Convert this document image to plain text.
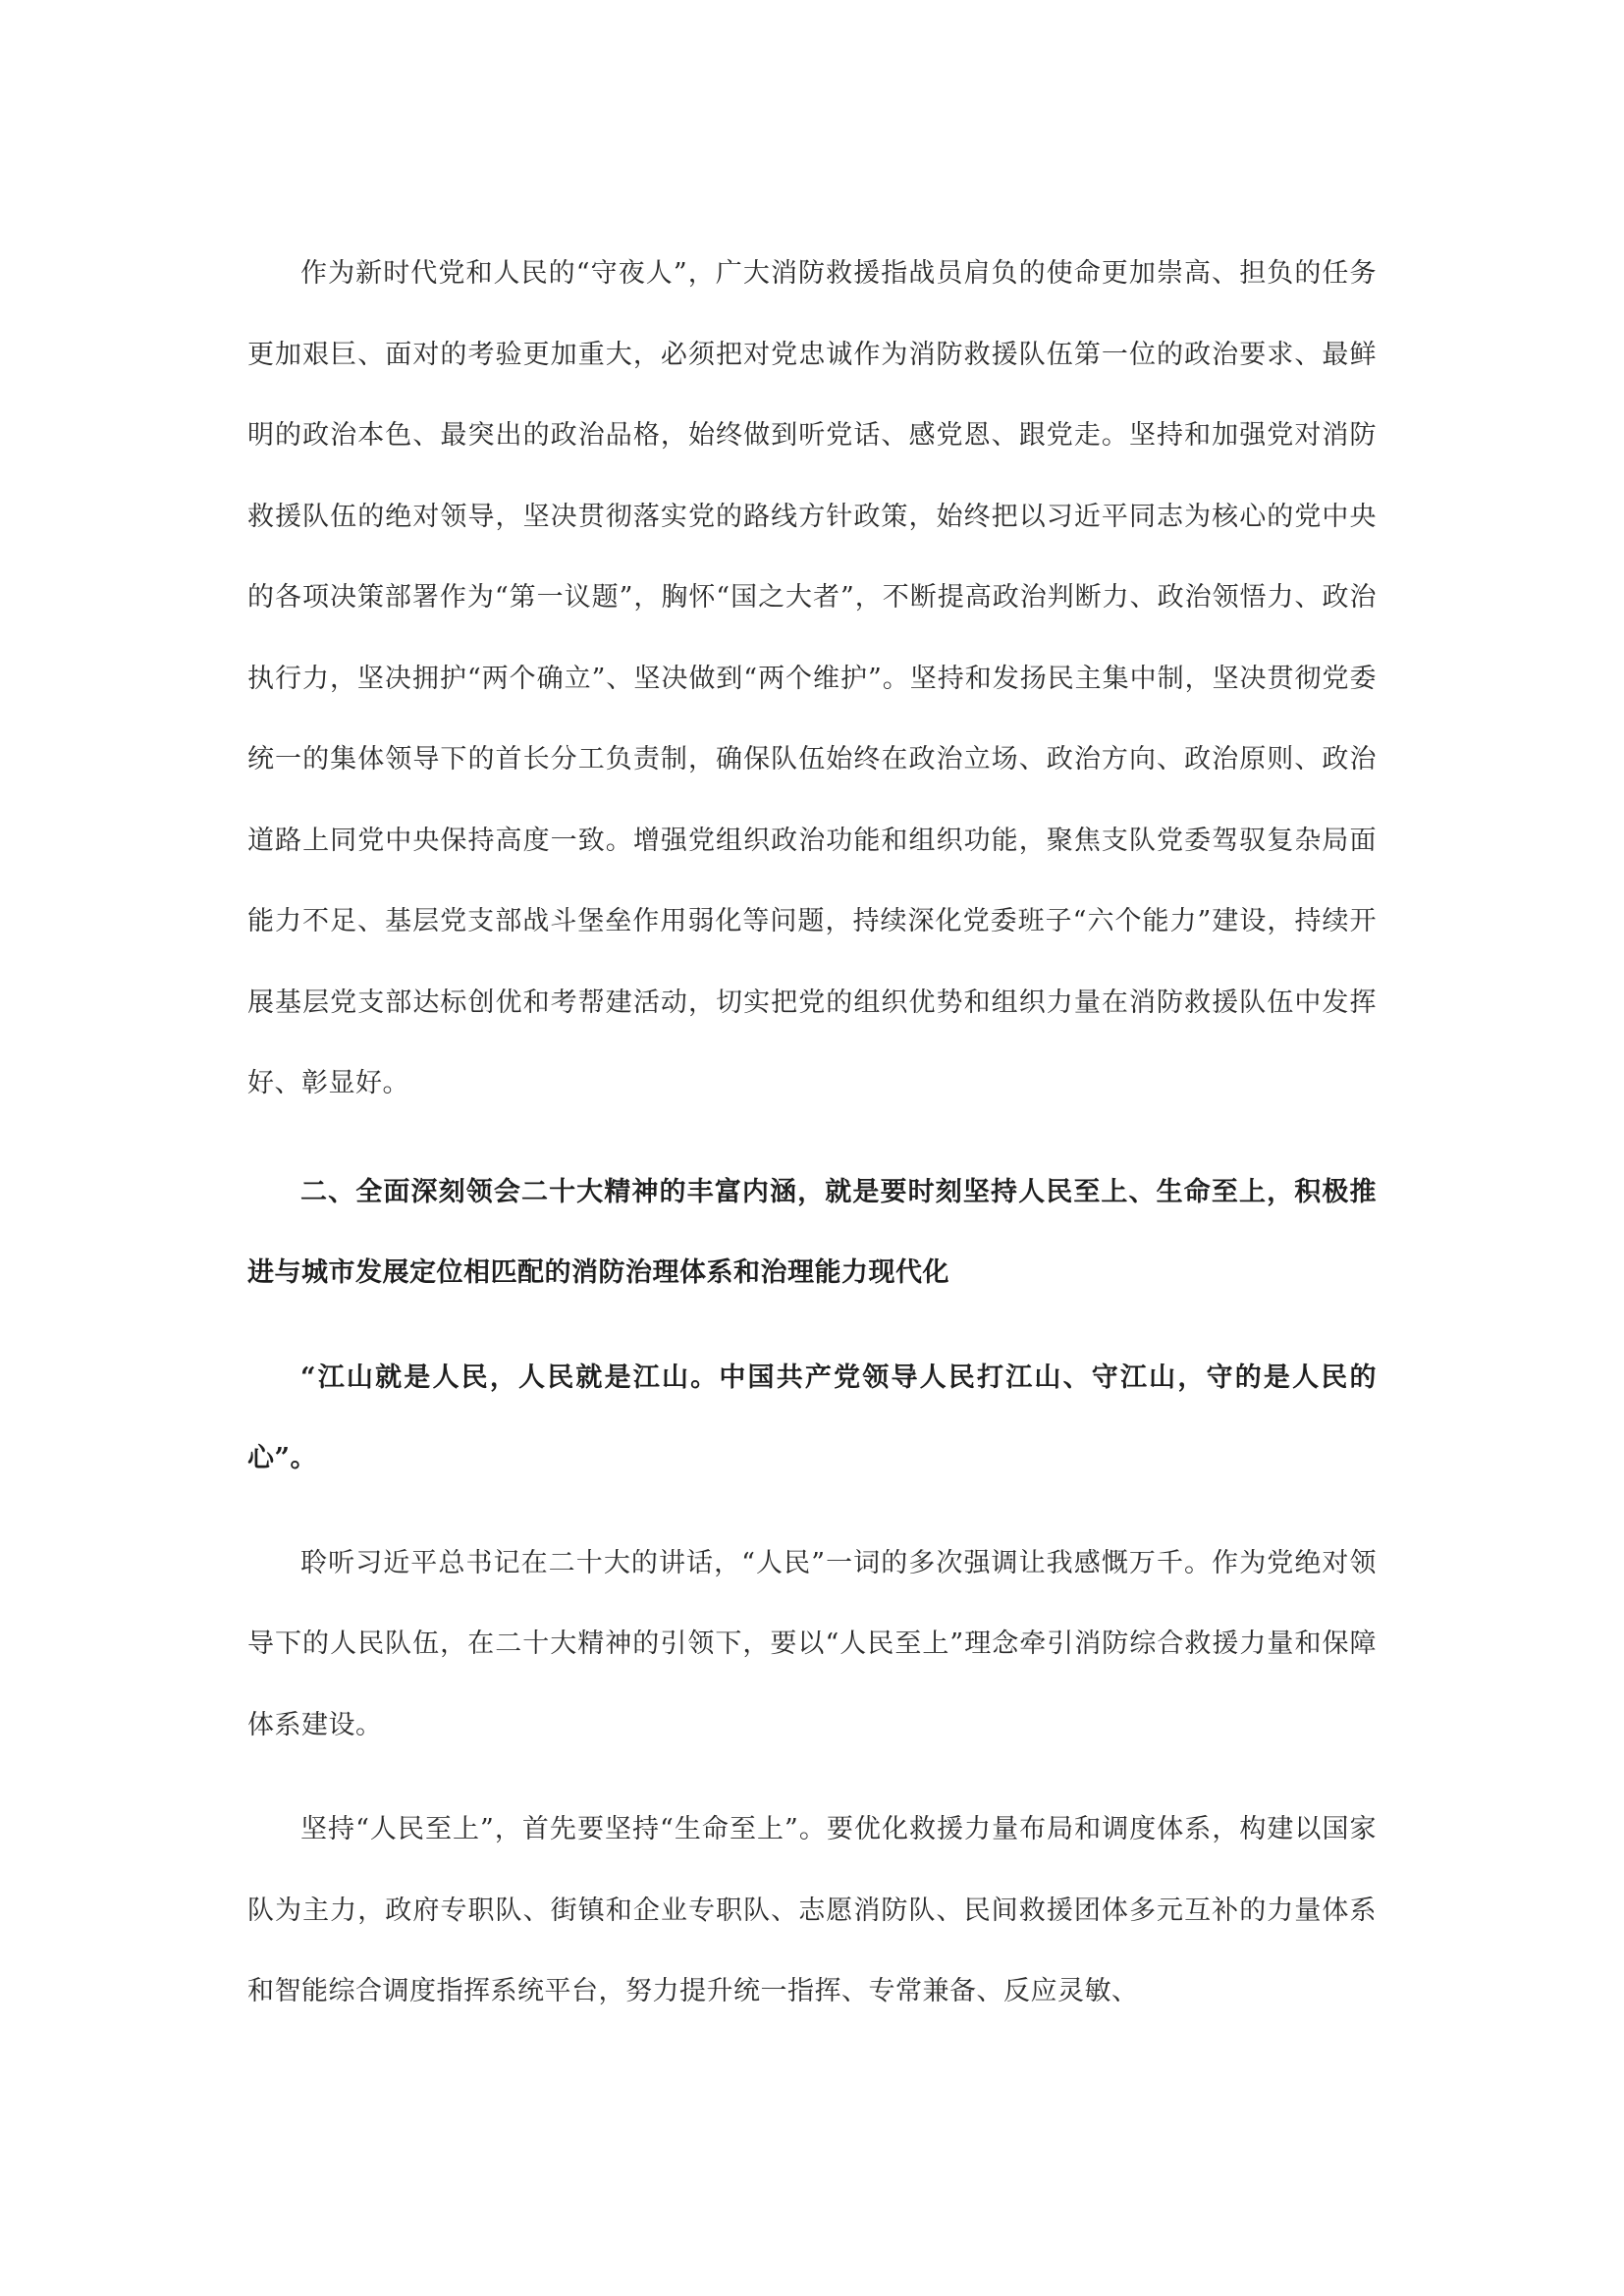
作为新时代党和人民的“守夜人”，广大消防救援指战员肩负的使命更加崇高、担负的任务更加艰巨、面对的考验更加重大，必须把对党忠诚作为消防救援队伍第一位的政治要求、最鲜明的政治本色、最突出的政治品格，始终做到听党话、感党恩、跟党走。坚持和加强党对消防救援队伍的绝对领导，坚决贯彻落实党的路线方针政策，始终把以习近平同志为核心的党中央的各项决策部署作为“第一议题”，胸怀“国之大者”，不断提高政治判断力、政治领悟力、政治执行力，坚决拥护“两个确立”、坚决做到“两个维护”。坚持和发扬民主集中制，坚决贯彻党委统一的集体领导下的首长分工负责制，确保队伍始终在政治立场、政治方向、政治原则、政治道路上同党中央保持高度一致。增强党组织政治功能和组织功能，聚焦支队党委驾驭复杂局面能力不足、基层党支部战斗堡垒作用弱化等问题，持续深化党委班子“六个能力”建设，持续开展基层党支部达标创优和考帮建活动，切实把党的组织优势和组织力量在消防救援队伍中发挥好、彰显好。

二、全面深刻领会二十大精神的丰富内涵，就是要时刻坚持人民至上、生命至上，积极推进与城市发展定位相匹配的消防治理体系和治理能力现代化

“江山就是人民，人民就是江山。中国共产党领导人民打江山、守江山，守的是人民的心”。

聆听习近平总书记在二十大的讲话，“人民”一词的多次强调让我感慨万千。作为党绝对领导下的人民队伍，在二十大精神的引领下，要以“人民至上”理念牵引消防综合救援力量和保障体系建设。

坚持“人民至上”，首先要坚持“生命至上”。要优化救援力量布局和调度体系，构建以国家队为主力，政府专职队、街镇和企业专职队、志愿消防队、民间救援团体多元互补的力量体系和智能综合调度指挥系统平台，努力提升统一指挥、专常兼备、反应灵敏、
